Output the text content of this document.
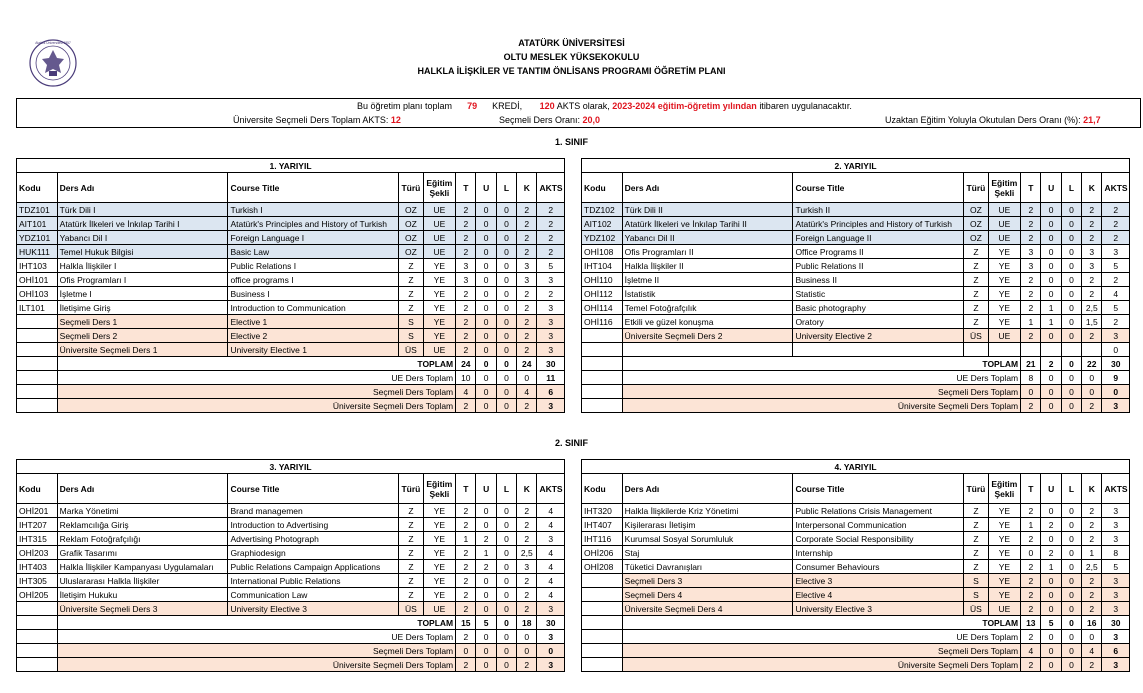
Atatürk Üniversitesi 1957	ATATÜRK ÜNİVERSİTESİ
OLTU MESLEK YÜKSEKOKULU
HALKLA İLİŞKİLER VE TANTIM ÖNLİSANS PROGRAMI ÖĞRETİM PLANI
Bu öğretim planı toplam 79 KREDİ, 120 AKTS olarak, 2023-2024 eğitim-öğretim yılından itibaren uygulanacaktır.
Üniversite Seçmeli Ders Toplam AKTS: 12	Seçmeli Ders Oranı: 20,0	Uzaktan Eğitim Yoluyla Okutulan Ders Oranı (%): 21,7
1. SINIF
2. SINIF
1. YARIYIL									
Kodu	Ders Adı	Course Title	Türü	Eğitim
Şekli	T	U	L	K	AKTS
TDZ101	Türk Dili I	Turkish I	OZ	UE	2	0	0	2	2
AIT101	Atatürk İlkeleri ve İnkılap Tarihi I	Atatürk's Principles and History of Turkish	OZ	UE	2	0	0	2	2
YDZ101	Yabancı Dil I	Foreign Language I	OZ	UE	2	0	0	2	2
HUK111	Temel Hukuk Bilgisi	Basic Law	OZ	UE	2	0	0	2	2
IHT103	Halkla İlişkiler I	Public Relations I	Z	YE	3	0	0	3	5
OHİ101	Ofis Programları I	office programs I	Z	YE	3	0	0	3	3
OHİ103	İşletme I	Business I	Z	YE	2	0	0	2	2
ILT101	İletişime Giriş	Introduction to Communication	Z	YE	2	0	0	2	3
	Seçmeli Ders 1	Elective 1	S	YE	2	0	0	2	3
	Seçmeli Ders 2	Elective 2	S	YE	2	0	0	2	3
	Üniversite Seçmeli Ders 1	University Elective 1	ÜS	UE	2	0	0	2	3
	TOPLAM				24	0	0	24	30
	UE Ders Toplam				10	0	0	0	11
	Seçmeli Ders Toplam				4	0	0	4	6
	Üniversite Seçmeli Ders Toplam				2	0	0	2	3
2. YARIYIL									
Kodu	Ders Adı	Course Title	Türü	Eğitim
Şekli	T	U	L	K	AKTS
TDZ102	Türk Dili II	Turkish II	OZ	UE	2	0	0	2	2
AIT102	Atatürk İlkeleri ve İnkılap Tarihi II	Atatürk's Principles and History of Turkish	OZ	UE	2	0	0	2	2
YDZ102	Yabancı Dil II	Foreign Language II	OZ	UE	2	0	0	2	2
OHİ108	Ofis Programları II	Office Programs II	Z	YE	3	0	0	3	3
IHT104	Halkla İlişkiler II	Public Relations II	Z	YE	3	0	0	3	5
OHİ110	İşletme II	Business II	Z	YE	2	0	0	2	2
OHİ112	İstatistik	Statistic	Z	YE	2	0	0	2	4
OHİ114	Temel Fotoğrafçılık	Basic photography	Z	YE	2	1	0	2,5	5
OHİ116	Etkili ve güzel konuşma	Oratory	Z	YE	1	1	0	1,5	2
	Üniversite Seçmeli Ders 2	University Elective 2	ÜS	UE	2	0	0	2	3
									0
	TOPLAM				21	2	0	22	30
	UE Ders Toplam				8	0	0	0	9
	Seçmeli Ders Toplam				0	0	0	0	0
	Üniversite Seçmeli Ders Toplam				2	0	0	2	3
3. YARIYIL									
Kodu	Ders Adı	Course Title	Türü	Eğitim
Şekli	T	U	L	K	AKTS
OHİ201	Marka Yönetimi	Brand managemen	Z	YE	2	0	0	2	4
IHT207	Reklamcılığa Giriş	Introduction to Advertising	Z	YE	2	0	0	2	4
IHT315	Reklam Fotoğrafçılığı	Advertising Photograph	Z	YE	1	2	0	2	3
OHİ203	Grafik Tasarımı	Graphiodesign	Z	YE	2	1	0	2,5	4
IHT403	Halkla İlişkiler Kampanyası Uygulamaları	Public Relations Campaign Applications	Z	YE	2	2	0	3	4
IHT305	Uluslararası Halkla İlişkiler	International Public Relations	Z	YE	2	0	0	2	4
OHİ205	İletişim Hukuku	Communication Law	Z	YE	2	0	0	2	4
	Üniversite Seçmeli Ders 3	University Elective 3	ÜS	UE	2	0	0	2	3
	TOPLAM				15	5	0	18	30
	UE Ders Toplam				2	0	0	0	3
	Seçmeli Ders Toplam				0	0	0	0	0
	Üniversite Seçmeli Ders Toplam				2	0	0	2	3
4. YARIYIL									
Kodu	Ders Adı	Course Title	Türü	Eğitim
Şekli	T	U	L	K	AKTS
IHT320	Halkla İlişkilerde Kriz Yönetimi	Public Relations Crisis Management	Z	YE	2	0	0	2	3
IHT407	Kişilerarası İletişim	Interpersonal Communication	Z	YE	1	2	0	2	3
IHT116	Kurumsal Sosyal Sorumluluk	Corporate Social Responsibility	Z	YE	2	0	0	2	3
OHİ206	Staj	Internship	Z	YE	0	2	0	1	8
OHİ208	Tüketici Davranışları	Consumer Behaviours	Z	YE	2	1	0	2,5	5
	Seçmeli Ders 3	Elective 3	S	YE	2	0	0	2	3
	Seçmeli Ders 4	Elective 4	S	YE	2	0	0	2	3
	Üniversite Seçmeli Ders 4	University Elective 3	ÜS	UE	2	0	0	2	3
	TOPLAM				13	5	0	16	30
	UE Ders Toplam				2	0	0	0	3
	Seçmeli Ders Toplam				4	0	0	4	6
	Üniversite Seçmeli Ders Toplam				2	0	0	2	3
